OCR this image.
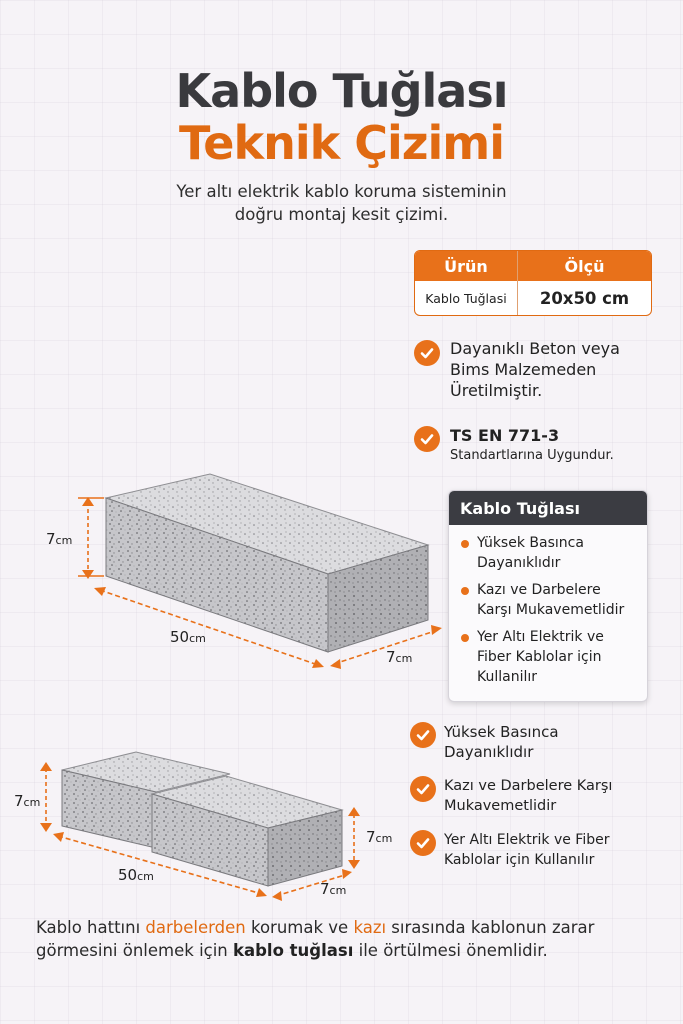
Kablo Tuğlası
Teknik Çizimi
Yer altı elektrik kablo koruma sisteminin
doğru montaj kesit çizimi.
Ürün	Ölçü
Kablo Tuğlasi	20x50 cm
Dayanıklı Beton veya
Bims Malzemeden
Üretilmiştir.
TS EN 771-3
Standartlarına Uygundur.
Kablo Tuğlası
Yüksek Basınca
Dayanıklıdır
Kazı ve Darbelere
Karşı Mukavemetlidir
Yer Altı Elektrik ve
Fiber Kablolar için
Kullanilır
7cm
50cm
7cm
7cm
7cm
50cm
7cm
Yüksek Basınca
Dayanıklıdır
Kazı ve Darbelere Karşı
Mukavemetlidir
Yer Altı Elektrik ve Fiber
Kablolar için Kullanılır
Kablo hattını darbelerden korumak ve kazı sırasında kablonun zarar görmesini önlemek için kablo tuğlası ile örtülmesi önemlidir.
